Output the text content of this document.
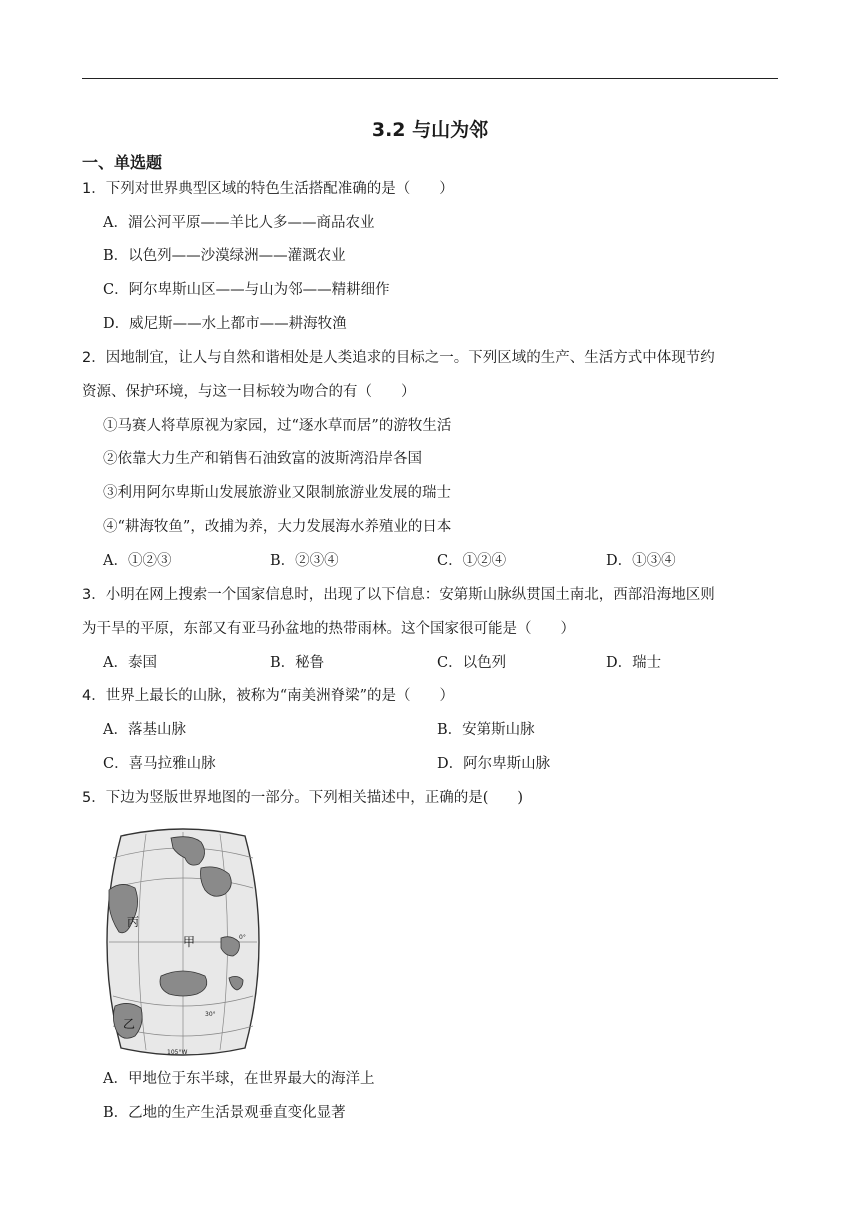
3.2 与山为邻
一、单选题
1．下列对世界典型区域的特色生活搭配准确的是（　　）
A．湄公河平原——羊比人多——商品农业
B．以色列——沙漠绿洲——灌溉农业
C．阿尔卑斯山区——与山为邻——精耕细作
D．威尼斯——水上都市——耕海牧渔
2．因地制宜，让人与自然和谐相处是人类追求的目标之一。下列区域的生产、生活方式中体现节约
资源、保护环境，与这一目标较为吻合的有（　　）
①马赛人将草原视为家园，过“逐水草而居”的游牧生活
②依靠大力生产和销售石油致富的波斯湾沿岸各国
③利用阿尔卑斯山发展旅游业又限制旅游业发展的瑞士
④“耕海牧鱼”，改捕为养，大力发展海水养殖业的日本
A．①②③	B．②③④	C．①②④	D．①③④
3．小明在网上搜索一个国家信息时，出现了以下信息：安第斯山脉纵贯国土南北，西部沿海地区则
为干旱的平原，东部又有亚马孙盆地的热带雨林。这个国家很可能是（　　）
A．泰国	B．秘鲁	C．以色列	D．瑞士
4．世界上最长的山脉，被称为“南美洲脊梁”的是（　　）
A．落基山脉	B．安第斯山脉
C．喜马拉雅山脉	D．阿尔卑斯山脉
5．下边为竖版世界地图的一部分。下列相关描述中，正确的是(　　)
丙
甲
乙
0°
30°
105°W
A．甲地位于东半球，在世界最大的海洋上
B．乙地的生产生活景观垂直变化显著
